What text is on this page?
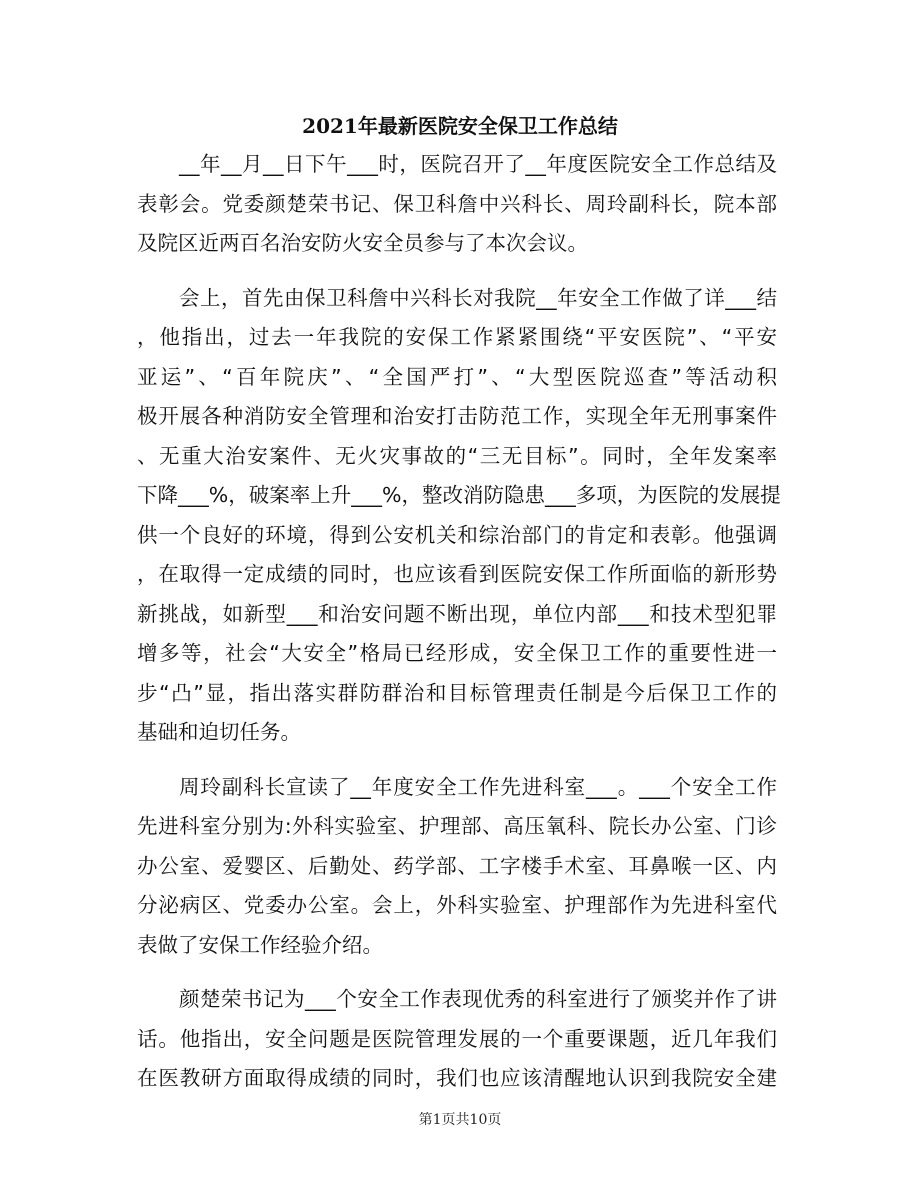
2021年最新医院安全保卫工作总结
__年__月__日下午___时，医院召开了__年度医院安全工作总结及
表彰会。党委颜楚荣书记、保卫科詹中兴科长、周玲副科长，院本部
及院区近两百名治安防火安全员参与了本次会议。
会上，首先由保卫科詹中兴科长对我院__年安全工作做了详___结
，他指出，过去一年我院的安保工作紧紧围绕“平安医院”、“平安
亚运”、“百年院庆”、“全国严打”、“大型医院巡查”等活动积
极开展各种消防安全管理和治安打击防范工作，实现全年无刑事案件
、无重大治安案件、无火灾事故的“三无目标”。同时，全年发案率
下降___%，破案率上升___%，整改消防隐患___多项，为医院的发展提
供一个良好的环境，得到公安机关和综治部门的肯定和表彰。他强调
，在取得一定成绩的同时，也应该看到医院安保工作所面临的新形势
新挑战，如新型___和治安问题不断出现，单位内部___和技术型犯罪
增多等，社会“大安全”格局已经形成，安全保卫工作的重要性进一
步“凸”显，指出落实群防群治和目标管理责任制是今后保卫工作的
基础和迫切任务。
周玲副科长宣读了__年度安全工作先进科室___。___个安全工作
先进科室分别为:外科实验室、护理部、高压氧科、院长办公室、门诊
办公室、爱婴区、后勤处、药学部、工字楼手术室、耳鼻喉一区、内
分泌病区、党委办公室。会上，外科实验室、护理部作为先进科室代
表做了安保工作经验介绍。
颜楚荣书记为___个安全工作表现优秀的科室进行了颁奖并作了讲
话。他指出，安全问题是医院管理发展的一个重要课题，近几年我们
在医教研方面取得成绩的同时，我们也应该清醒地认识到我院安全建
第1页共10页
